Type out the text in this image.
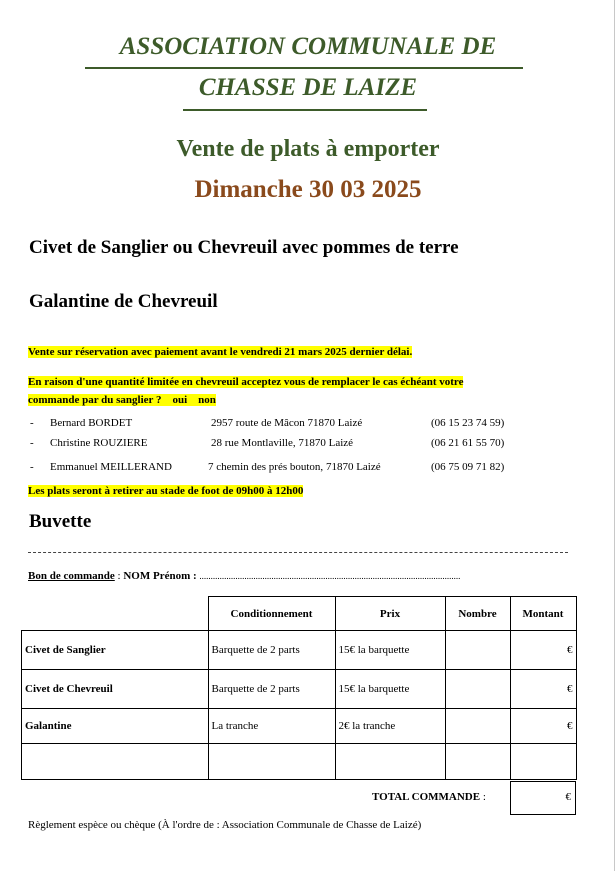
ASSOCIATION COMMUNALE DE
CHASSE DE LAIZE
Vente de plats à emporter
Dimanche 30 03 2025
Civet de Sanglier ou Chevreuil avec pommes de terre
Galantine de Chevreuil
Vente sur réservation avec paiement avant le vendredi 21 mars 2025 dernier délai.
En raison d'une quantité limitée en chevreuil acceptez vous de remplacer le cas échéant votre
commande par du sanglier ? oui non
- Bernard BORDET	2957 route de Mâcon 71870 Laizé	(06 15 23 74 59)
- Christine ROUZIERE	28 rue Montlaville, 71870 Laizé	(06 21 61 55 70)
- Emmanuel MEILLERAND	7 chemin des prés bouton, 71870 Laizé	(06 75 09 71 82)
Les plats seront à retirer au stade de foot de 09h00 à 12h00
Buvette
Bon de commande : NOM Prénom : ....................................................................................................................
	Conditionnement	Prix	Nombre	Montant
Civet de Sanglier	Barquette de 2 parts	15€ la barquette		€
Civet de Chevreuil	Barquette de 2 parts	15€ la barquette		€
Galantine	La tranche	2€ la tranche		€

TOTAL COMMANDE :	€
Règlement espèce ou chèque (À l'ordre de : Association Communale de Chasse de Laizé)
